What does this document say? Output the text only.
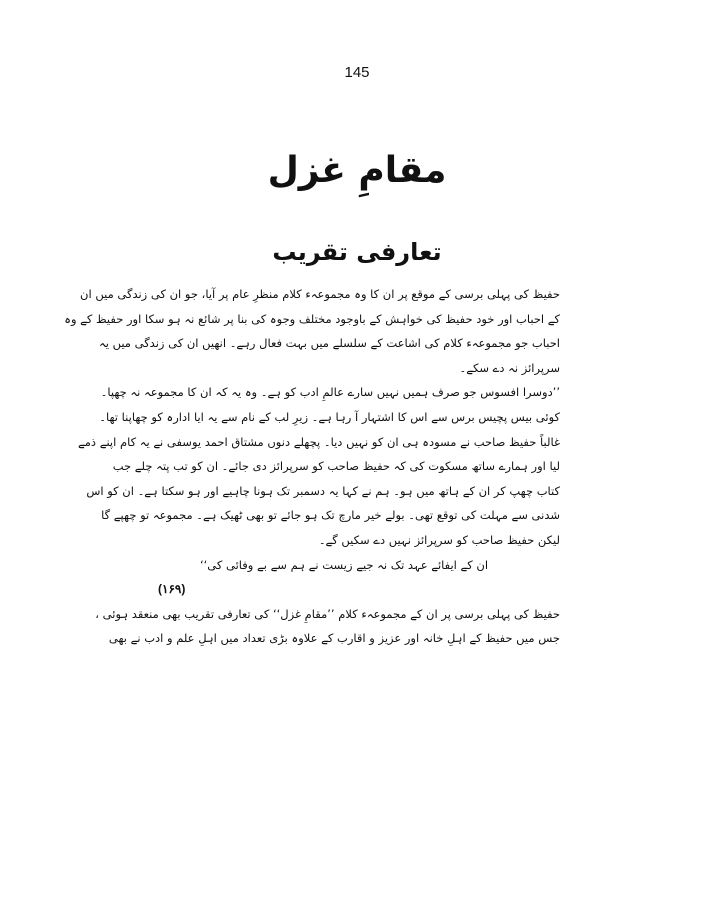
145
مقامِ غزل
تعارفی تقریب
حفیظ کی پہلی برسی کے موقع پر ان کا وہ مجموعہء کلام منظرِ عام پر آیا، جو ان کی زندگی میں ان
کے احباب اور خود حفیظ کی خواہش کے باوجود مختلف وجوہ کی بنا پر شائع نہ ہو سکا اور حفیظ کے وہ
احباب جو مجموعہء کلام کی اشاعت کے سلسلے میں بہت فعال رہے۔ انھیں ان کی زندگی میں یہ
سرپرائز نہ دے سکے۔
’’دوسرا افسوس جو صرف ہمیں نہیں سارے عالمِ ادب کو ہے۔ وہ یہ کہ ان کا مجموعہ نہ چھپا۔
کوئی بیس پچیس برس سے اس کا اشتہار آ رہا ہے۔ زیرِ لب کے نام سے یہ ایا ادارہ کو چھاپنا تھا۔
غالباً حفیظ صاحب نے مسودہ ہی ان کو نہیں دیا۔ پچھلے دنوں مشتاق احمد یوسفی نے یہ کام اپنے ذمے
لیا اور ہمارے ساتھ مسکوت کی کہ حفیظ صاحب کو سرپرائز دی جائے۔ ان کو تب پتہ چلے جب
کتاب چھپ کر ان کے ہاتھ میں ہو۔ ہم نے کہا یہ دسمبر تک ہونا چاہیے اور ہو سکتا ہے۔ ان کو اس
شدنی سے مہلت کی توقع تھی۔ بولے خیر مارچ تک ہو جائے تو بھی ٹھیک ہے۔ مجموعہ تو چھپے گا
لیکن حفیظ صاحب کو سرپرائز نہیں دے سکیں گے۔
ان کے ایفائے عہد تک نہ جیے زیست نے ہم سے بے وفائی کی‘‘
(۱۶۹)
حفیظ کی پہلی برسی پر ان کے مجموعہء کلام ’’مقامِ غزل‘‘ کی تعارفی تقریب بھی منعقد ہوئی ،
جس میں حفیظ کے اہلِ خانہ اور عزیز و اقارب کے علاوہ بڑی تعداد میں اہلِ علم و ادب نے بھی
